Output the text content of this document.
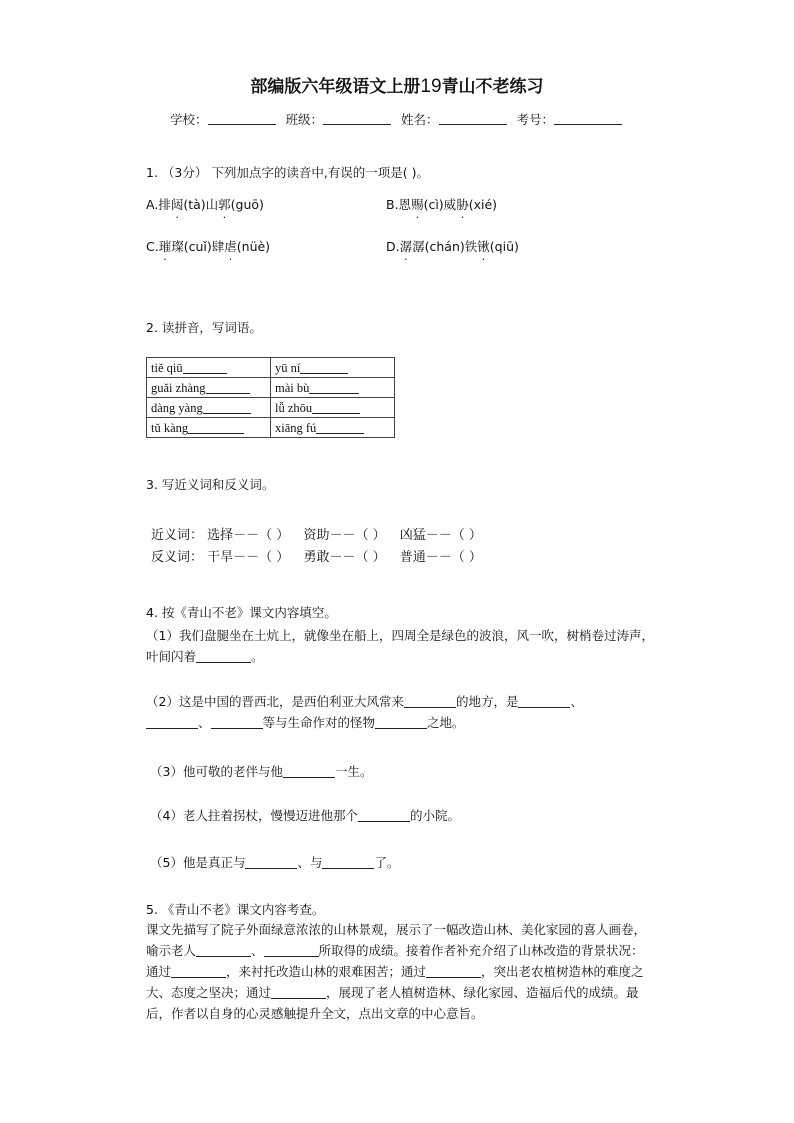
部编版六年级语文上册19青山不老练习
学校：	班级：	姓名：	考号：
1. （3分） 下列加点字的读音中,有误的一项是( )。
A.排闼(tà)山郭(guō)	B.恩赐(cì)威胁(xié)
C.璀璨(cuǐ)肆虐(nüè)	D.潺潺(chán)铁锹(qiū)
2. 读拼音，写词语。
tiě qiū	yū ní
guǎi zhàng	mài bù
dàng yàng	lǚ zhōu
tǔ kàng	xiāng fú
3. 写近义词和反义词。
近义词： 选择－－（ ） 资助－－（ ） 凶猛－－（ ）
反义词： 干旱－－（ ） 勇敢－－（ ） 普通－－（ ）
4. 按《青山不老》课文内容填空。
（1）我们盘腿坐在土炕上，就像坐在船上，四周全是绿色的波浪，风一吹，树梢卷过涛声，叶间闪着	。
（2）这是中国的晋西北，是西伯利亚大风常来	的地方，是	、
、	等与生命作对的怪物	之地。
（3）他可敬的老伴与他	一生。
（4）老人拄着拐杖，慢慢迈进他那个	的小院。
（5）他是真正与	、与	了。
5. 《青山不老》课文内容考查。
课文先描写了院子外面绿意浓浓的山林景观，展示了一幅改造山林、美化家园的喜人画卷，喻示老人	、	所取得的成绩。接着作者补充介绍了山林改造的背景状况：通过	，来衬托改造山林的艰难困苦；通过	，突出老农植树造林的难度之大、态度之坚决；通过	，展现了老人植树造林、绿化家园、造福后代的成绩。最后，作者以自身的心灵感触提升全文，点出文章的中心意旨。
